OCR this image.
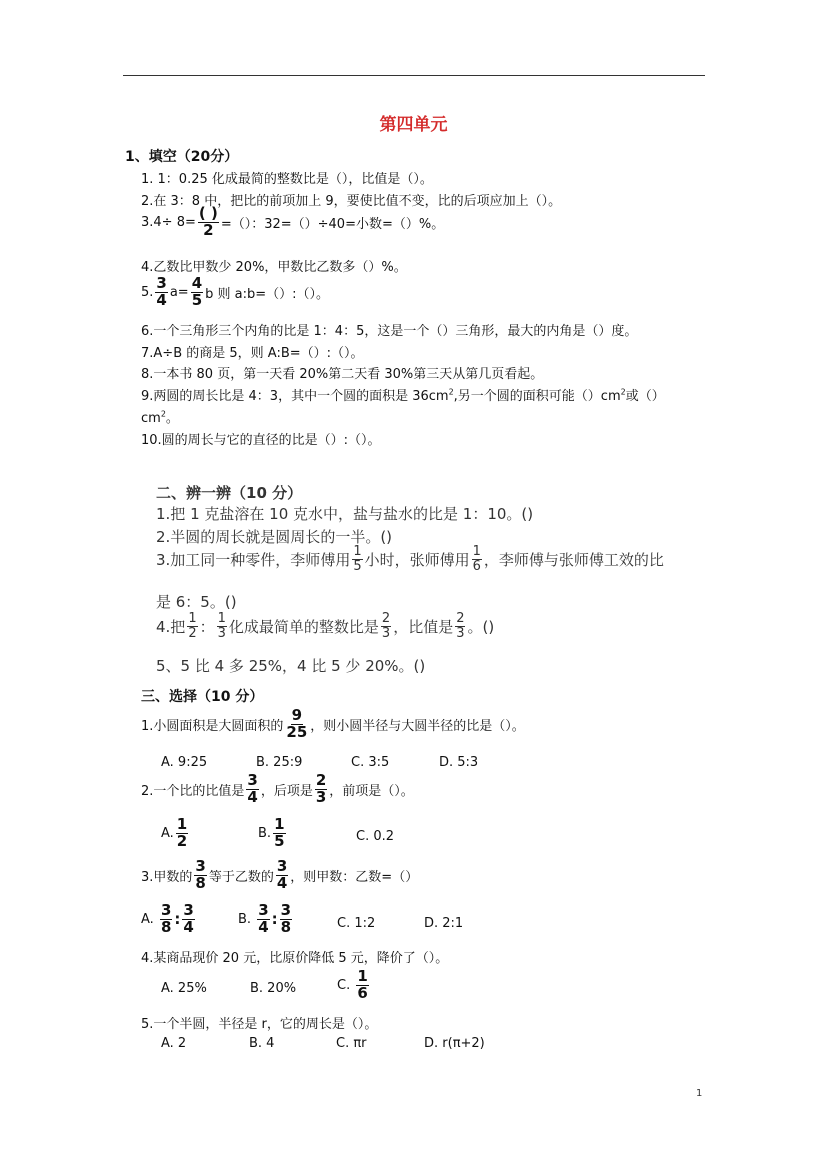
第四单元
1、填空（20分）
1. 1：0.25 化成最简的整数比是（），比值是（）。
2.在 3：8 中，把比的前项加上 9，要使比值不变，比的后项应加上（）。
$3.4\div 8= \frac{( )}{2}$ =（）：32=（）÷40=小数=（）%。
4.乙数比甲数少 20%，甲数比乙数多（）%。
5. $\frac{3}{4} a= \frac{4}{5}$ b 则 a:b=（）:（）。
6.一个三角形三个内角的比是 1：4：5，这是一个（）三角形，最大的内角是（）度。
7.A÷B 的商是 5，则 A:B=（）:（）。
8.一本书 80 页，第一天看 20%第二天看 30%第三天从第几页看起。
9.两圆的周长比是 4：3，其中一个圆的面积是 $36cm^2$,另一个圆的面积可能$()cm^2$或（）
$cm^2$。
10.圆的周长与它的直径的比是（）:（）。
二、辨一辨（10 分）
1.把 1 克盐溶在 10 克水中，盐与盐水的比是 1：10。()
2.半圆的周长就是圆周长的一半。()
3.加工同一种零件，李师傅用 $\frac{1}{5}$ 小时，张师傅用 $\frac{1}{6}$ ，李师傅与张师傅工效的比
是 6：5。()
4.把 $\frac{1}{2}$ ： $\frac{1}{3}$ 化成最简单的整数比是 $\frac{2}{3}$ ，比值是 $\frac{2}{3}$ 。()
5、5 比 4 多 25%，4 比 5 少 20%。()
三、选择（10 分）
1.小圆面积是大圆面积的 $\frac{9}{25}$ ，则小圆半径与大圆半径的比是（）。
A. 9:25	B. 25:9	C. 3:5	D. 5:3
2.一个比的比值是 $\frac{3}{4}$ ，后项是 $\frac{2}{3}$ ，前项是（）。
A. $\frac{1}{2}$	B. $\frac{1}{5}$	C. 0.2
3.甲数的 $\frac{3}{8}$ 等于乙数的 $\frac{3}{4}$ ，则甲数：乙数=（）
A.
$\frac{3}{8}$ : $\frac{3}{4}$	B.
$\frac{3}{4}$ : $\frac{3}{8}$	C. 1:2	D. 2:1
4.某商品现价 20 元，比原价降低 5 元，降价了（）。
A. 25%	B. 20%	C.
$\frac{1}{6}$
5.一个半圆，半径是 r，它的周长是（）。
A. 2	B. 4	C. πr	D. r(π+2)
1
